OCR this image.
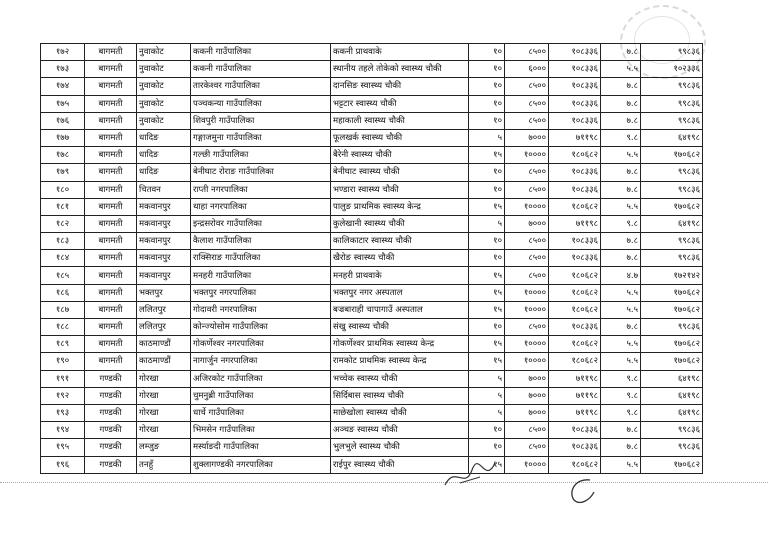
१७२	बागमती	नुवाकोट	ककनी गाउँपालिका	ककनी प्राथवाके	१०	८५००	१०८३३६	७.८	९९८३६
१७३	बागमती	नुवाकोट	ककनी गाउँपालिका	स्थानीय तहले तोकेको स्वास्थ्य चौकी	१०	६०००	१०८३३६	५.५	१०२३३६
१७४	बागमती	नुवाकोट	तारकेश्वर गाउँपालिका	दानसिङ स्वास्थ्य चौकी	१०	८५००	१०८३३६	७.८	९९८३६
१७५	बागमती	नुवाकोट	पञ्चकन्या गाउँपालिका	भट्टटार स्वास्थ्य चौकी	१०	८५००	१०८३३६	७.८	९९८३६
१७६	बागमती	नुवाकोट	शिवपुरी गाउँपालिका	महाकाली स्वास्थ्य चौकी	१०	८५००	१०८३३६	७.८	९९८३६
१७७	बागमती	धादिङ	गङ्गाजमुना गाउँपालिका	फूलखर्क स्वास्थ्य चौकी	५	७०००	७११९८	९.८	६४१९८
१७८	बागमती	धादिङ	गल्छी गाउँपालिका	बैरेनी स्वास्थ्य चौकी	१५	१००००	१८०६८२	५.५	१७०६८२
१७९	बागमती	धादिङ	बेनीघाट रोराङ गाउँपालिका	बेनीघाट स्वास्थ्य चौकी	१०	८५००	१०८३३६	७.८	९९८३६
१८०	बागमती	चितवन	राप्ती नगरपालिका	भण्डारा स्वास्थ्य चौकी	१०	८५००	१०८३३६	७.८	९९८३६
१८१	बागमती	मकवानपुर	थाहा नगरपालिका	पालुङ प्राथमिक स्वास्थ्य केन्द्र	१५	१००००	१८०६८२	५.५	१७०६८२
१८२	बागमती	मकवानपुर	इन्द्रसरोवर गाउँपालिका	कुलेखानी स्वास्थ्य चौकी	५	७०००	७११९८	९.८	६४१९८
१८३	बागमती	मकवानपुर	कैलाश गाउँपालिका	कालिकाटार स्वास्थ्य चौकी	१०	८५००	१०८३३६	७.८	९९८३६
१८४	बागमती	मकवानपुर	राक्सिराङ गाउँपालिका	खैरोङ स्वास्थ्य चौकी	१०	८५००	१०८३३६	७.८	९९८३६
१८५	बागमती	मकवानपुर	मनहरी गाउँपालिका	मनहरी प्राथवाके	१५	८५००	१८०६८२	४.७	१७२१४२
१८६	बागमती	भक्तपुर	भक्तपुर नगरपालिका	भक्तपुर नगर अस्पताल	१५	१००००	१८०६८२	५.५	१७०६८२
१८७	बागमती	ललितपुर	गोदावरी नगरपालिका	बज्रबाराही चापागाउँ अस्पताल	१५	१००००	१८०६८२	५.५	१७०६८२
१८८	बागमती	ललितपुर	कोन्ज्योसोम गाउँपालिका	संखु स्वास्थ्य चौकी	१०	८५००	१०८३३६	७.८	९९८३६
१८९	बागमती	काठमाण्डौं	गोकर्णेश्वर नगरपालिका	गोकर्णेश्वर प्राथमिक स्वास्थ्य केन्द्र	१५	१००००	१८०६८२	५.५	१७०६८२
१९०	बागमती	काठमाण्डौं	नागार्जुन नगरपालिका	रामकोट प्राथमिक स्वास्थ्य केन्द्र	१५	१००००	१८०६८२	५.५	१७०६८२
१९१	गण्डकी	गोरखा	अजिरकोट गाउँपालिका	भच्चेक स्वास्थ्य चौकी	५	७०००	७११९८	९.८	६४१९८
१९२	गण्डकी	गोरखा	चुमनुब्री गाउँपालिका	सिर्दिबास स्वास्थ्य चौकी	५	७०००	७११९८	९.८	६४१९८
१९३	गण्डकी	गोरखा	धार्चे गाउँपालिका	माछेखोला स्वास्थ्य चौकी	५	७०००	७११९८	९.८	६४१९८
१९४	गण्डकी	गोरखा	भिमसेन गाउँपालिका	अञ्चङ स्वास्थ्य चौकी	१०	८५००	१०८३३६	७.८	९९८३६
१९५	गण्डकी	लम्जुङ	मर्स्याङदी गाउँपालिका	भुलभुले स्वास्थ्य चौकी	१०	८५००	१०८३३६	७.८	९९८३६
१९६	गण्डकी	तनहुँ	शुक्लागण्डकी नगरपालिका	राईपुर स्वास्थ्य चौकी	१५	१००००	१८०६८२	५.५	१७०६८२
